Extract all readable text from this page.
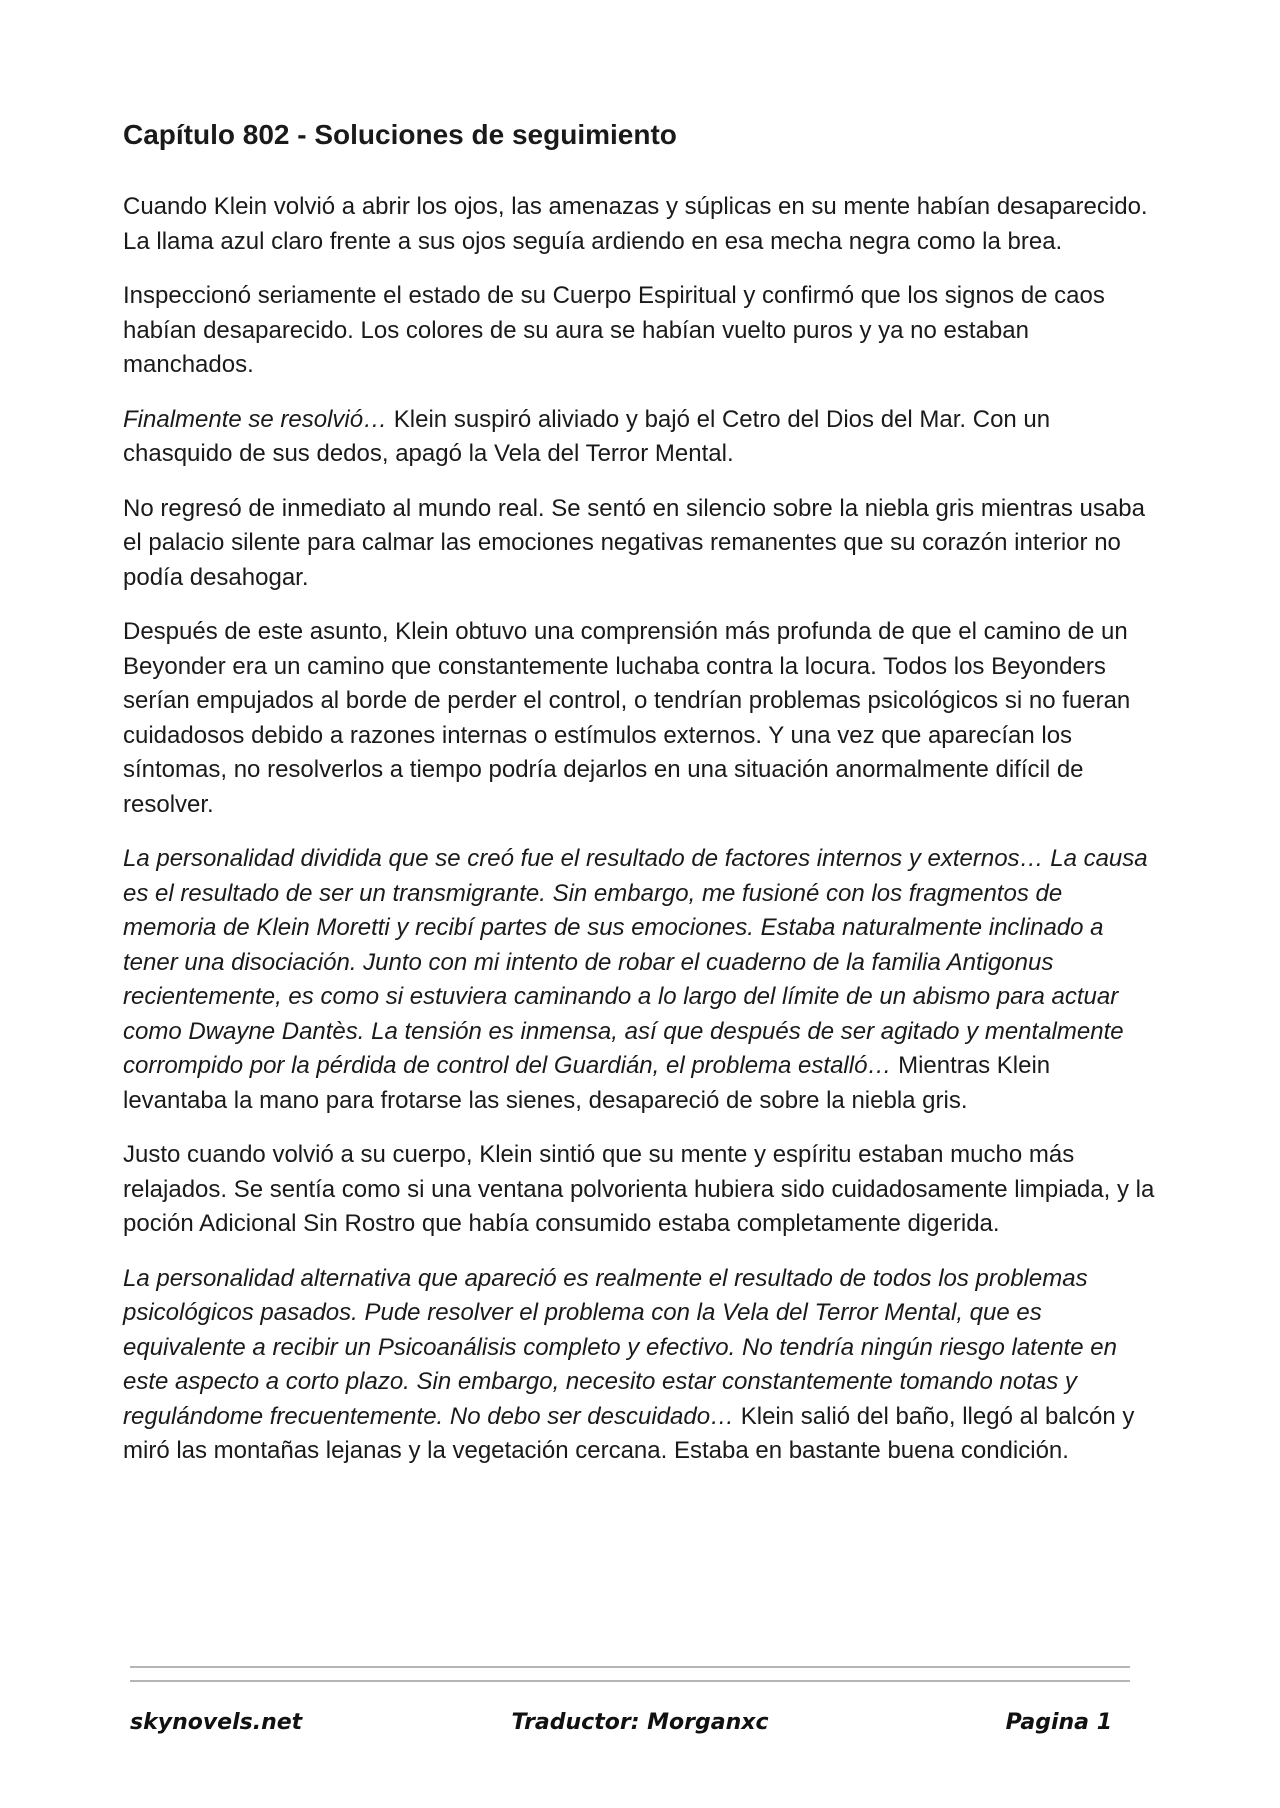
Capítulo 802 - Soluciones de seguimiento

Cuando Klein volvió a abrir los ojos, las amenazas y súplicas en su mente habían desaparecido. La llama azul claro frente a sus ojos seguía ardiendo en esa mecha negra como la brea.

Inspeccionó seriamente el estado de su Cuerpo Espiritual y confirmó que los signos de caos habían desaparecido. Los colores de su aura se habían vuelto puros y ya no estaban manchados.

Finalmente se resolvió… Klein suspiró aliviado y bajó el Cetro del Dios del Mar. Con un chasquido de sus dedos, apagó la Vela del Terror Mental.

No regresó de inmediato al mundo real. Se sentó en silencio sobre la niebla gris mientras usaba el palacio silente para calmar las emociones negativas remanentes que su corazón interior no podía desahogar.

Después de este asunto, Klein obtuvo una comprensión más profunda de que el camino de un Beyonder era un camino que constantemente luchaba contra la locura. Todos los Beyonders serían empujados al borde de perder el control, o tendrían problemas psicológicos si no fueran cuidadosos debido a razones internas o estímulos externos. Y una vez que aparecían los síntomas, no resolverlos a tiempo podría dejarlos en una situación anormalmente difícil de resolver.

La personalidad dividida que se creó fue el resultado de factores internos y externos… La causa es el resultado de ser un transmigrante. Sin embargo, me fusioné con los fragmentos de memoria de Klein Moretti y recibí partes de sus emociones. Estaba naturalmente inclinado a tener una disociación. Junto con mi intento de robar el cuaderno de la familia Antigonus recientemente, es como si estuviera caminando a lo largo del límite de un abismo para actuar como Dwayne Dantès. La tensión es inmensa, así que después de ser agitado y mentalmente corrompido por la pérdida de control del Guardián, el problema estalló… Mientras Klein levantaba la mano para frotarse las sienes, desapareció de sobre la niebla gris.

Justo cuando volvió a su cuerpo, Klein sintió que su mente y espíritu estaban mucho más relajados. Se sentía como si una ventana polvorienta hubiera sido cuidadosamente limpiada, y la poción Adicional Sin Rostro que había consumido estaba completamente digerida.

La personalidad alternativa que apareció es realmente el resultado de todos los problemas psicológicos pasados. Pude resolver el problema con la Vela del Terror Mental, que es equivalente a recibir un Psicoanálisis completo y efectivo. No tendría ningún riesgo latente en este aspecto a corto plazo. Sin embargo, necesito estar constantemente tomando notas y regulándome frecuentemente. No debo ser descuidado… Klein salió del baño, llegó al balcón y miró las montañas lejanas y la vegetación cercana. Estaba en bastante buena condición.

skynovels.net	Traductor: Morganxc	Pagina 1
